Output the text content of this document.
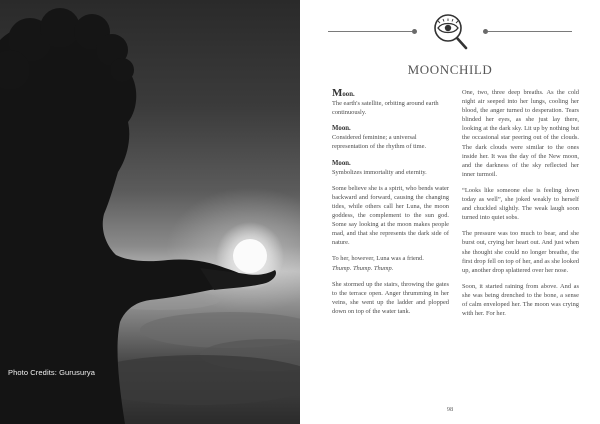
Photo Credits: Gurusurya
MOONCHILD

Moon.
The earth's satellite, orbiting around earth continuously.

Moon.
Considered feminine; a universal representation of the rhythm of time.

Moon.
Symbolizes immortality and eternity.

Some believe she is a spirit, who bends water backward and forward, causing the changing tides, while others call her Luna, the moon goddess, the complement to the sun god. Some say looking at the moon makes people mad, and that she represents the dark side of nature.

To her, however, Luna was a friend.
Thump. Thump. Thump.

She stormed up the stairs, throwing the gates to the terrace open. Anger thrumming in her veins, she went up the ladder and plopped down on top of the water tank.

One, two, three deep breaths. As the cold night air seeped into her lungs, cooling her blood, the anger turned to desperation. Tears blinded her eyes, as she just lay there, looking at the dark sky. Lit up by nothing but the occasional star peering out of the clouds. The dark clouds were similar to the ones inside her. It was the day of the New moon, and the darkness of the sky reflected her inner turmoil.

“Looks like someone else is feeling down today as well”, she joked weakly to herself and chuckled slightly. The weak laugh soon turned into quiet sobs.

The pressure was too much to bear, and she burst out, crying her heart out. And just when she thought she could no longer breathe, the first drop fell on top of her, and as she looked up, another drop splattered over her nose.

Soon, it started raining from above. And as she was being drenched to the bone, a sense of calm enveloped her. The moon was crying with her. For her.

98
